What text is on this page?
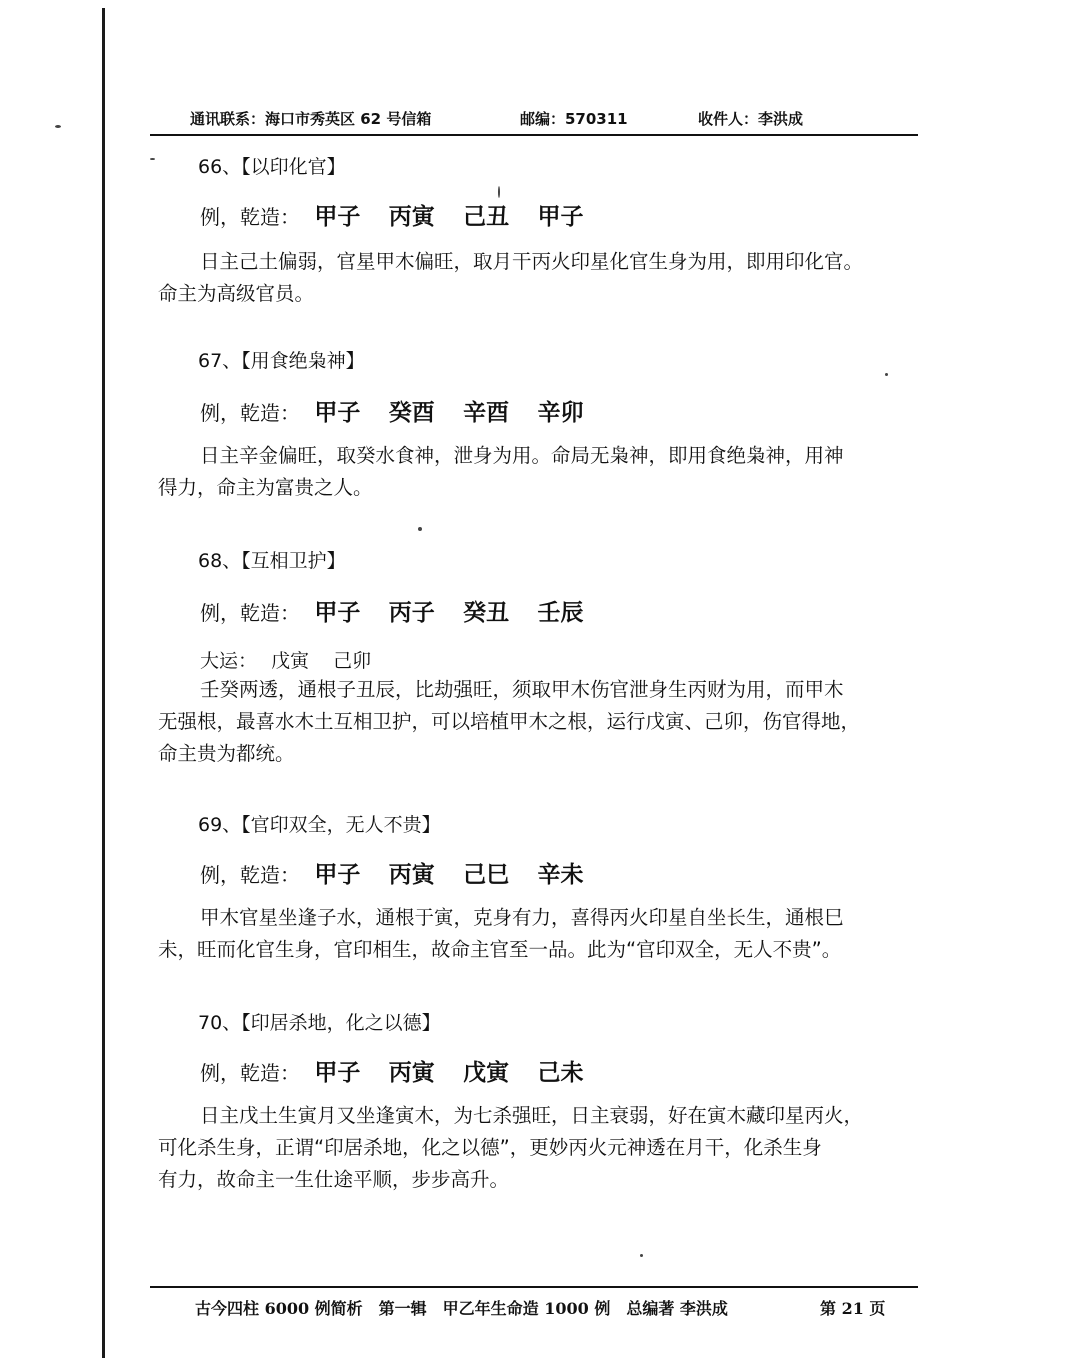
通讯联系：海口市秀英区 62 号信箱	邮编：570311	收件人：李洪成
66、【以印化官】
例，乾造： 甲子 丙寅 己丑 甲子
日主己土偏弱，官星甲木偏旺，取月干丙火印星化官生身为用，即用印化官。
命主为高级官员。
67、【用食绝枭神】
例，乾造： 甲子 癸酉 辛酉 辛卯
日主辛金偏旺，取癸水食神，泄身为用。命局无枭神，即用食绝枭神，用神
得力，命主为富贵之人。
68、【互相卫护】
例，乾造： 甲子 丙子 癸丑 壬辰
大运： 戊寅 己卯
壬癸两透，通根子丑辰，比劫强旺，须取甲木伤官泄身生丙财为用，而甲木
无强根，最喜水木土互相卫护，可以培植甲木之根，运行戊寅、己卯，伤官得地，
命主贵为都统。
69、【官印双全，无人不贵】
例，乾造： 甲子 丙寅 己巳 辛未
甲木官星坐逢子水，通根于寅，克身有力，喜得丙火印星自坐长生，通根巳
未，旺而化官生身，官印相生，故命主官至一品。此为“官印双全，无人不贵”。
70、【印居杀地，化之以德】
例，乾造： 甲子 丙寅 戊寅 己未
日主戊土生寅月又坐逢寅木，为七杀强旺，日主衰弱，好在寅木藏印星丙火，
可化杀生身，正谓“印居杀地，化之以德”，更妙丙火元神透在月干，化杀生身
有力，故命主一生仕途平顺，步步高升。
古今四柱 6000 例简析　第一辑　甲乙年生命造 1000 例　总编著 李洪成	第 21 页
